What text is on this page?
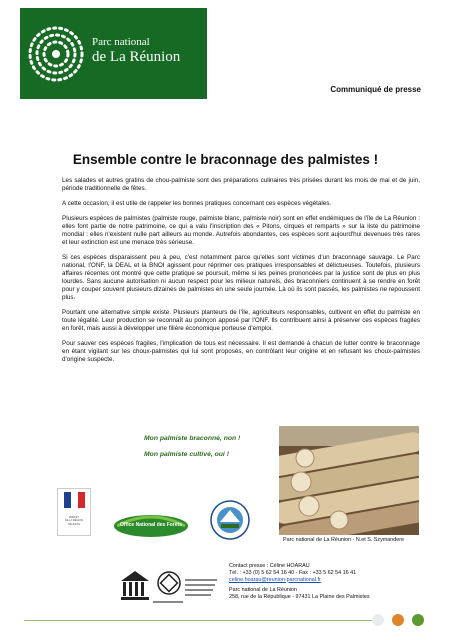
Parc national
de La Réunion
Communiqué de presse
Ensemble contre le braconnage des palmistes !

Les salades et autres gratins de chou-palmiste sont des préparations culinaires très prisées durant les mois de mai et de juin, période traditionnelle de fêtes.

A cette occasion, il est utile de rappeler les bonnes pratiques concernant ces espèces végétales.

Plusieurs espèces de palmistes (palmiste rouge, palmiste blanc, palmiste noir) sont en effet endémiques de l'île de La Réunion : elles font partie de notre patrimoine, ce qui a valu l'inscription des « Pitons, cirques et remparts » sur la liste du patrimoine mondial : elles n'existent nulle part ailleurs au monde. Autrefois abondantes, ces espèces sont aujourd'hui devenues très rares et leur extinction est une menace très sérieuse.

Si ces espèces disparaissent peu à peu, c'est notamment parce qu'elles sont victimes d'un braconnage sauvage. Le Parc national, l'ONF, la DEAL et la BNOI agissent pour réprimer ces pratiques irresponsables et délictueuses. Toutefois, plusieurs affaires récentes ont montré que cette pratique se poursuit, même si les peines prononcées par la justice sont de plus en plus lourdes. Sans aucune autorisation ni aucun respect pour les milieux naturels, des braconniers continuent à se rendre en forêt pour y couper souvent plusieurs dizaines de palmistes en une seule journée. Là où ils sont passés, les palmistes ne repoussent plus.

Pourtant une alternative simple existe. Plusieurs planteurs de l'île, agriculteurs responsables, cultivent en effet du palmiste en toute légalité. Leur production se reconnaît au poinçon apposé par l'ONF. Ils contribuent ainsi à préserver ces espèces fragiles en forêt, mais aussi à développer une filière économique porteuse d'emploi.

Pour sauver ces espèces fragiles, l'implication de tous est nécessaire. Il est demandé à chacun de lutter contre le braconnage en étant vigilant sur les choux-palmistes qui lui sont proposés, en contrôlant leur origine et en refusant les choux-palmistes d'origine suspecte.

Mon palmiste braconné, non !
Mon palmiste cultivé, oui !
Parc national de La Réunion - N.et S. Szymandere
PRÉFET
DE LA RÉGION
RÉUNION	Office National des Forêts
Contact presse : Céline HOARAU
Tél. : +33 (0) 5 62 54 16 40 - Fax : +33 5 62 54 16 41
celine.hoarau@reunion-parcnational.fr
Parc national de La Réunion
258, rue de la République - 97431 La Plaine des Palmistes
